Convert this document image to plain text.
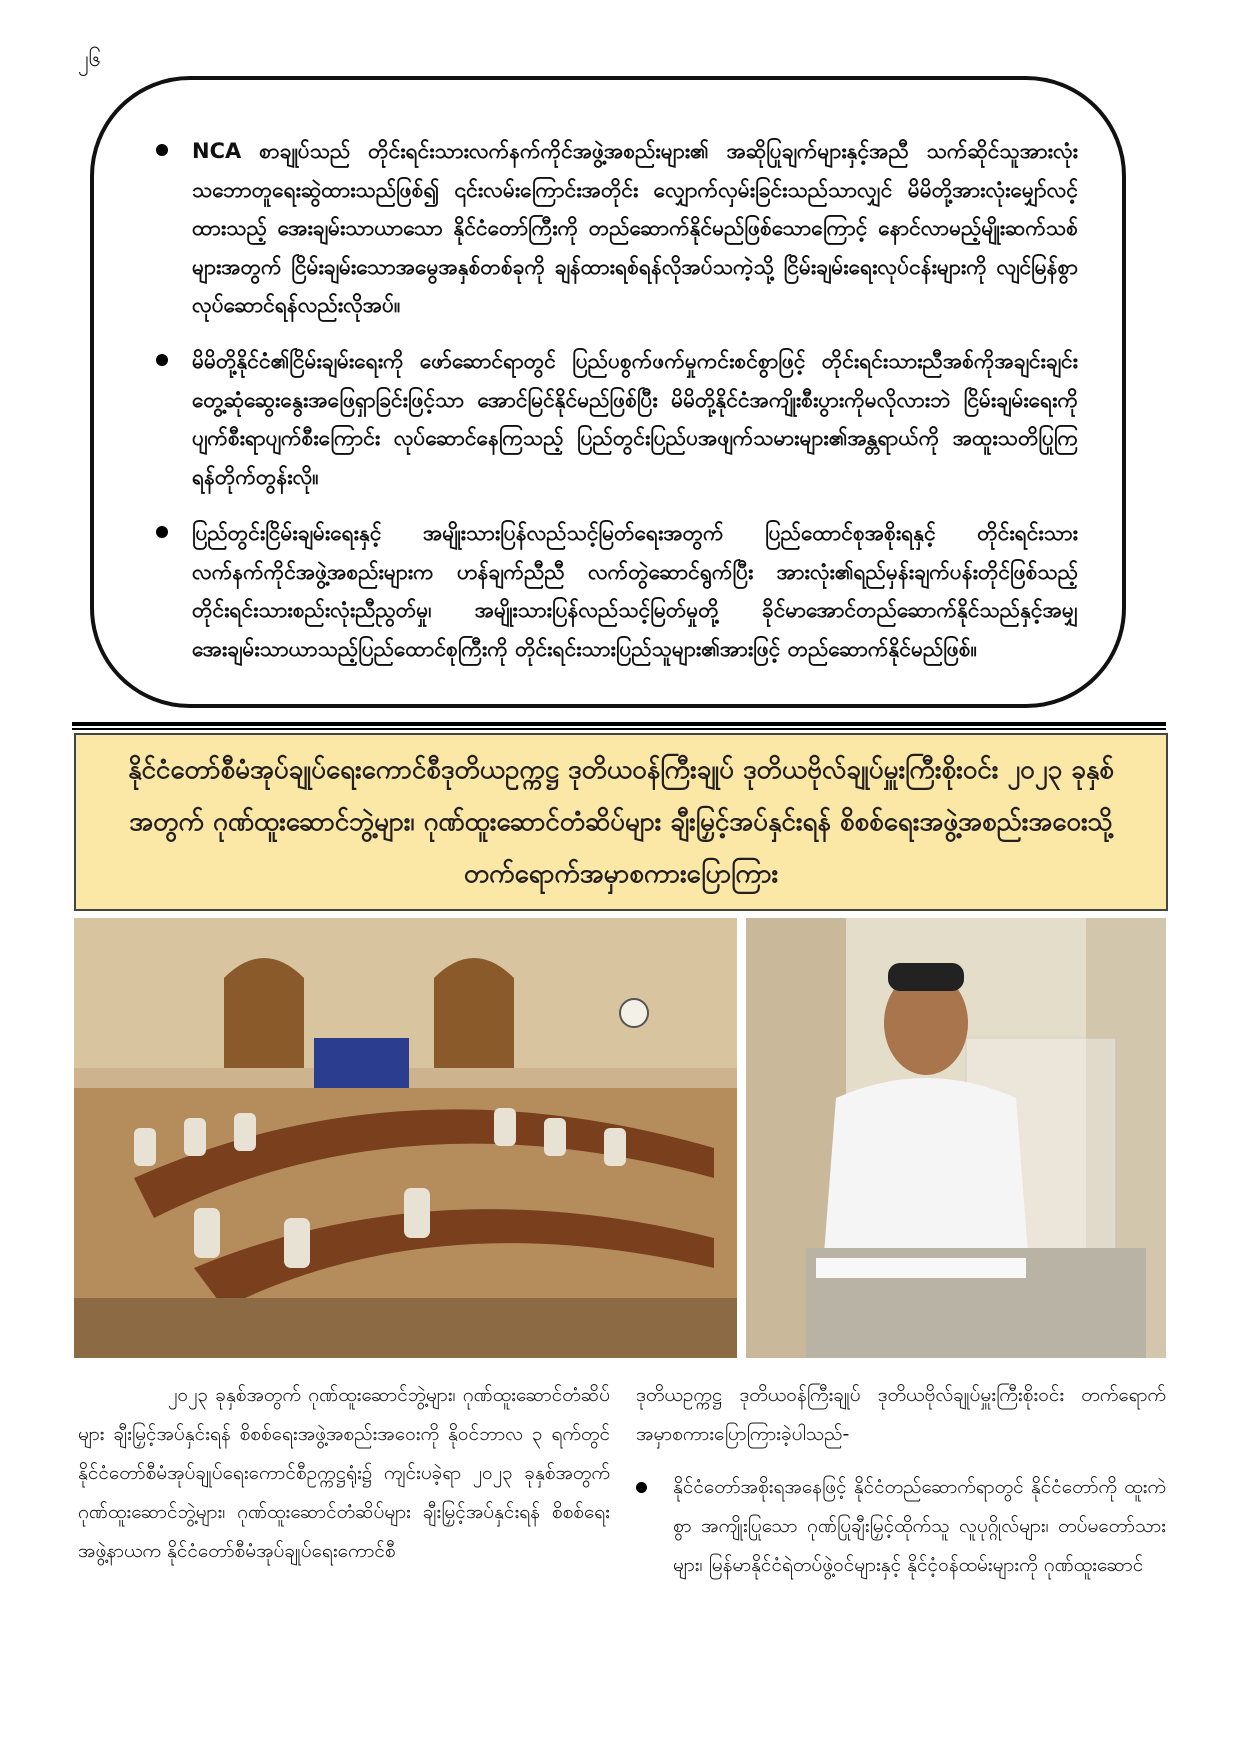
၂၆
NCA စာချုပ်သည် တိုင်းရင်းသားလက်နက်ကိုင်အဖွဲ့အစည်းများ၏ အဆိုပြုချက်များနှင့်အညီ သက်ဆိုင်သူအားလုံး သဘောတူရေးဆွဲထားသည်ဖြစ်၍ ၎င်းလမ်းကြောင်းအတိုင်း လျှောက်လှမ်းခြင်းသည်သာလျှင် မိမိတို့အားလုံးမျှော်လင့်ထားသည့် အေးချမ်းသာယာသော နိုင်ငံတော်ကြီးကို တည်ဆောက်နိုင်မည်ဖြစ်သောကြောင့် နောင်လာမည့်မျိုးဆက်သစ်များအတွက် ငြိမ်းချမ်းသောအမွေအနှစ်တစ်ခုကို ချန်ထားရစ်ရန်လိုအပ်သကဲ့သို့ ငြိမ်းချမ်းရေးလုပ်ငန်းများကို လျင်မြန်စွာ လုပ်ဆောင်ရန်လည်းလိုအပ်။
မိမိတို့နိုင်ငံ၏ငြိမ်းချမ်းရေးကို ဖော်ဆောင်ရာတွင် ပြည်ပစွက်ဖက်မှုကင်းစင်စွာဖြင့် တိုင်းရင်းသားညီအစ်ကိုအချင်းချင်း တွေ့ဆုံဆွေးနွေးအဖြေရှာခြင်းဖြင့်သာ အောင်မြင်နိုင်မည်ဖြစ်ပြီး မိမိတို့နိုင်ငံအကျိုးစီးပွားကိုမလိုလားဘဲ ငြိမ်းချမ်းရေးကို ပျက်စီးရာပျက်စီးကြောင်း လုပ်ဆောင်နေကြသည့် ပြည်တွင်းပြည်ပအဖျက်သမားများ၏အန္တရာယ်ကို အထူးသတိပြုကြရန်တိုက်တွန်းလို။
ပြည်တွင်းငြိမ်းချမ်းရေးနှင့် အမျိုးသားပြန်လည်သင့်မြတ်ရေးအတွက် ပြည်ထောင်စုအစိုးရနှင့် တိုင်းရင်းသားလက်နက်ကိုင်အဖွဲ့အစည်းများက ဟန်ချက်ညီညီ လက်တွဲဆောင်ရွက်ပြီး အားလုံး၏ရည်မှန်းချက်ပန်းတိုင်ဖြစ်သည့် တိုင်းရင်းသားစည်းလုံးညီညွတ်မှု၊ အမျိုးသားပြန်လည်သင့်မြတ်မှုတို့ ခိုင်မာအောင်တည်ဆောက်နိုင်သည်နှင့်အမျှ အေးချမ်းသာယာသည့်ပြည်ထောင်စုကြီးကို တိုင်းရင်းသားပြည်သူများ၏အားဖြင့် တည်ဆောက်နိုင်မည်ဖြစ်။
နိုင်ငံတော်စီမံအုပ်ချုပ်ရေးကောင်စီဒုတိယဥက္ကဋ္ဌ ဒုတိယဝန်ကြီးချုပ် ဒုတိယဗိုလ်ချုပ်မှူးကြီးစိုးဝင်း ၂၀၂၃ ခုနှစ်အတွက် ဂုဏ်ထူးဆောင်ဘွဲ့များ၊ ဂုဏ်ထူးဆောင်တံဆိပ်များ ချီးမြှင့်အပ်နှင်းရန် စိစစ်ရေးအဖွဲ့အစည်းအဝေးသို့ တက်ရောက်အမှာစကားပြောကြား
၂၀၂၃ ခုနှစ်အတွက် ဂုဏ်ထူးဆောင်ဘွဲ့များ၊ ဂုဏ်ထူးဆောင်တံဆိပ်များ ချီးမြှင့်အပ်နှင်းရန် စိစစ်ရေးအဖွဲ့အစည်းအဝေးကို နိုဝင်ဘာလ ၃ ရက်တွင် နိုင်ငံတော်စီမံအုပ်ချုပ်ရေးကောင်စီဥက္ကဋ္ဌရုံး၌ ကျင်းပခဲ့ရာ ၂၀၂၃ ခုနှစ်အတွက် ဂုဏ်ထူးဆောင်ဘွဲ့များ၊ ဂုဏ်ထူးဆောင်တံဆိပ်များ ချီးမြှင့်အပ်နှင်းရန် စိစစ်ရေးအဖွဲ့နာယက နိုင်ငံတော်စီမံအုပ်ချုပ်ရေးကောင်စီ
ဒုတိယဥက္ကဋ္ဌ ဒုတိယဝန်ကြီးချုပ် ဒုတိယဗိုလ်ချုပ်မှူးကြီးစိုးဝင်း တက်ရောက်အမှာစကားပြောကြားခဲ့ပါသည်-
နိုင်ငံတော်အစိုးရအနေဖြင့် နိုင်ငံတည်ဆောက်ရာတွင် နိုင်ငံတော်ကို ထူးကဲစွာ အကျိုးပြုသော ဂုဏ်ပြုချီးမြှင့်ထိုက်သူ လူပုဂ္ဂိုလ်များ၊ တပ်မတော်သားများ၊ မြန်မာနိုင်ငံရဲတပ်ဖွဲ့ဝင်များနှင့် နိုင်ငံ့ဝန်ထမ်းများကို ဂုဏ်ထူးဆောင်
